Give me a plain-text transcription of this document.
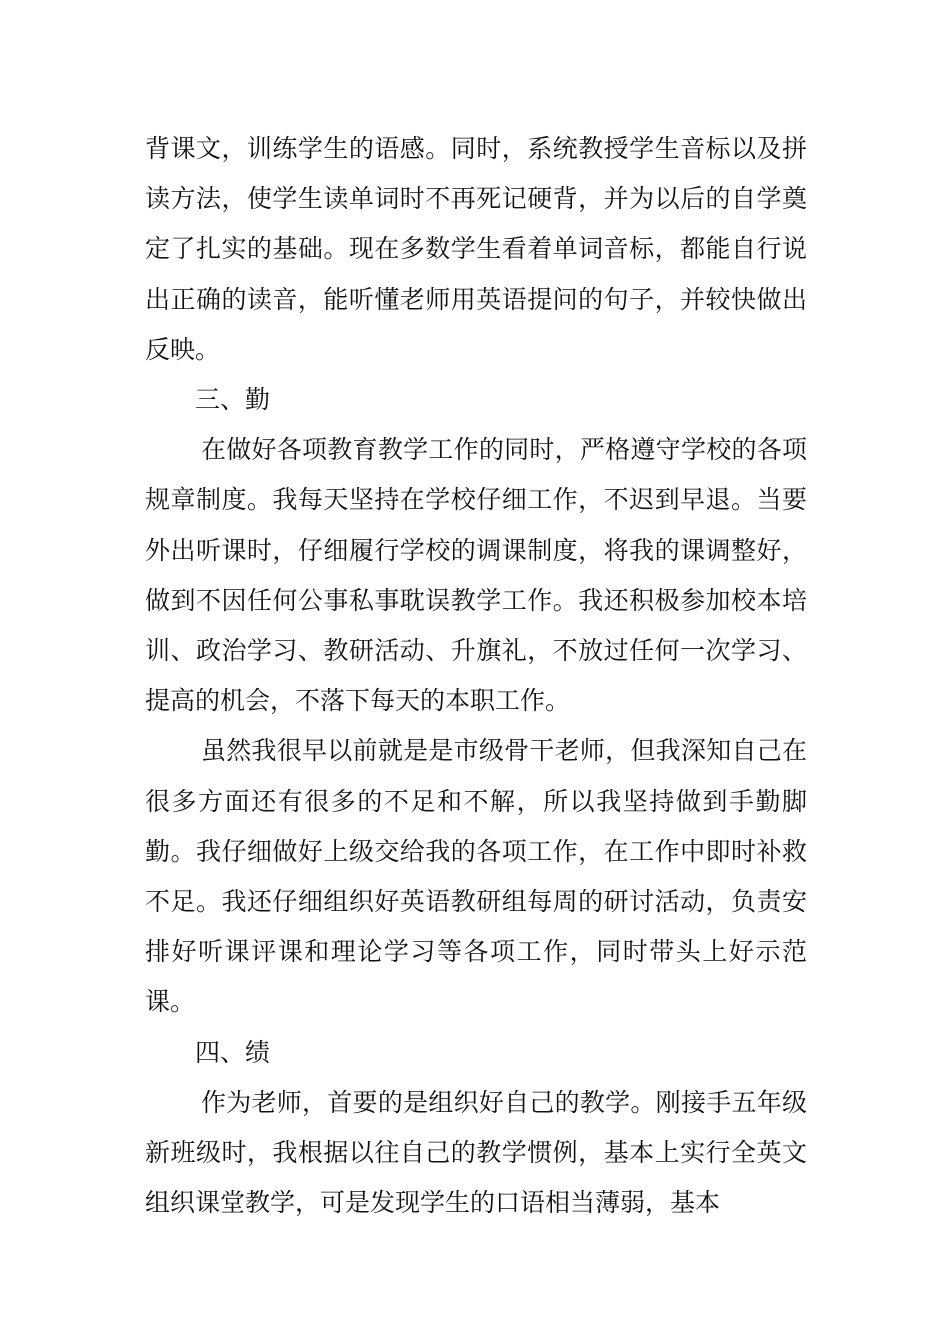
背课文，训练学生的语感。同时，系统教授学生音标以及拼读方法，使学生读单词时不再死记硬背，并为以后的自学奠定了扎实的基础。现在多数学生看着单词音标，都能自行说出正确的读音，能听懂老师用英语提问的句子，并较快做出反映。

三、勤

在做好各项教育教学工作的同时，严格遵守学校的各项规章制度。我每天坚持在学校仔细工作，不迟到早退。当要外出听课时，仔细履行学校的调课制度，将我的课调整好，做到不因任何公事私事耽误教学工作。我还积极参加校本培训、政治学习、教研活动、升旗礼，不放过任何一次学习、提高的机会，不落下每天的本职工作。

虽然我很早以前就是是市级骨干老师，但我深知自己在很多方面还有很多的不足和不解，所以我坚持做到手勤脚勤。我仔细做好上级交给我的各项工作，在工作中即时补救不足。我还仔细组织好英语教研组每周的研讨活动，负责安排好听课评课和理论学习等各项工作，同时带头上好示范课。

四、绩

作为老师，首要的是组织好自己的教学。刚接手五年级新班级时，我根据以往自己的教学惯例，基本上实行全英文组织课堂教学，可是发现学生的口语相当薄弱，基本
